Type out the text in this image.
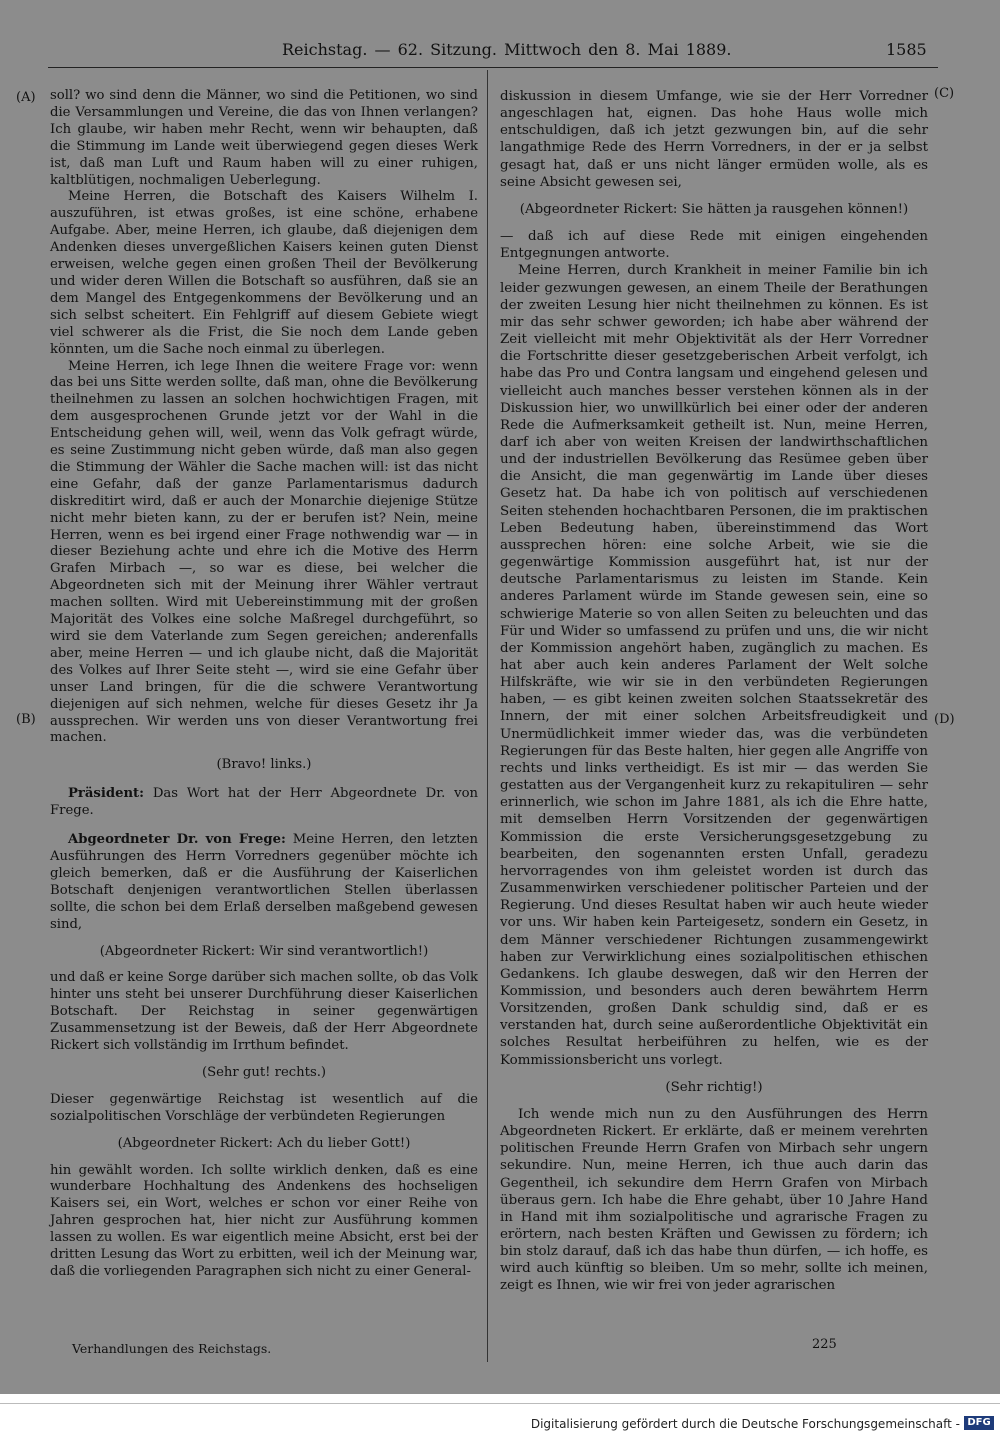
Reichstag. — 62. Sitzung. Mittwoch den 8. Mai 1889.	1585
(A)
(B)
(C)
(D)

soll? wo sind denn die Männer, wo sind die Petitionen, wo sind die Versammlungen und Vereine, die das von Ihnen verlangen? Ich glaube, wir haben mehr Recht, wenn wir behaupten, daß die Stimmung im Lande weit überwiegend gegen dieses Werk ist, daß man Luft und Raum haben will zu einer ruhigen, kaltblütigen, nochmaligen Ueberlegung.

Meine Herren, die Botschaft des Kaisers Wilhelm I. auszuführen, ist etwas großes, ist eine schöne, erhabene Aufgabe. Aber, meine Herren, ich glaube, daß diejenigen dem Andenken dieses unvergeßlichen Kaisers keinen guten Dienst erweisen, welche gegen einen großen Theil der Bevölkerung und wider deren Willen die Botschaft so ausführen, daß sie an dem Mangel des Entgegenkommens der Bevölkerung und an sich selbst scheitert. Ein Fehlgriff auf diesem Gebiete wiegt viel schwerer als die Frist, die Sie noch dem Lande geben könnten, um die Sache noch einmal zu überlegen.

Meine Herren, ich lege Ihnen die weitere Frage vor: wenn das bei uns Sitte werden sollte, daß man, ohne die Bevölkerung theilnehmen zu lassen an solchen hochwichtigen Fragen, mit dem ausgesprochenen Grunde jetzt vor der Wahl in die Entscheidung gehen will, weil, wenn das Volk gefragt würde, es seine Zustimmung nicht geben würde, daß man also gegen die Stimmung der Wähler die Sache machen will: ist das nicht eine Gefahr, daß der ganze Parlamentarismus dadurch diskreditirt wird, daß er auch der Monarchie diejenige Stütze nicht mehr bieten kann, zu der er berufen ist? Nein, meine Herren, wenn es bei irgend einer Frage nothwendig war — in dieser Beziehung achte und ehre ich die Motive des Herrn Grafen Mirbach —, so war es diese, bei welcher die Abgeordneten sich mit der Meinung ihrer Wähler vertraut machen sollten. Wird mit Uebereinstimmung mit der großen Majorität des Volkes eine solche Maßregel durchgeführt, so wird sie dem Vaterlande zum Segen gereichen; anderenfalls aber, meine Herren — und ich glaube nicht, daß die Majorität des Volkes auf Ihrer Seite steht —, wird sie eine Gefahr über unser Land bringen, für die die schwere Verantwortung diejenigen auf sich nehmen, welche für dieses Gesetz ihr Ja aussprechen. Wir werden uns von dieser Verantwortung frei machen.

(Bravo! links.)

Präsident: Das Wort hat der Herr Abgeordnete Dr. von Frege.

Abgeordneter Dr. von Frege: Meine Herren, den letzten Ausführungen des Herrn Vorredners gegenüber möchte ich gleich bemerken, daß er die Ausführung der Kaiserlichen Botschaft denjenigen verantwortlichen Stellen überlassen sollte, die schon bei dem Erlaß derselben maßgebend gewesen sind,

(Abgeordneter Rickert: Wir sind verantwortlich!)

und daß er keine Sorge darüber sich machen sollte, ob das Volk hinter uns steht bei unserer Durchführung dieser Kaiserlichen Botschaft. Der Reichstag in seiner gegenwärtigen Zusammensetzung ist der Beweis, daß der Herr Abgeordnete Rickert sich vollständig im Irrthum befindet.

(Sehr gut! rechts.)

Dieser gegenwärtige Reichstag ist wesentlich auf die sozialpolitischen Vorschläge der verbündeten Regierungen

(Abgeordneter Rickert: Ach du lieber Gott!)

hin gewählt worden. Ich sollte wirklich denken, daß es eine wunderbare Hochhaltung des Andenkens des hochseligen Kaisers sei, ein Wort, welches er schon vor einer Reihe von Jahren gesprochen hat, hier nicht zur Ausführung kommen lassen zu wollen. Es war eigentlich meine Absicht, erst bei der dritten Lesung das Wort zu erbitten, weil ich der Meinung war, daß die vorliegenden Paragraphen sich nicht zu einer General-

diskussion in diesem Umfange, wie sie der Herr Vorredner angeschlagen hat, eignen. Das hohe Haus wolle mich entschuldigen, daß ich jetzt gezwungen bin, auf die sehr langathmige Rede des Herrn Vorredners, in der er ja selbst gesagt hat, daß er uns nicht länger ermüden wolle, als es seine Absicht gewesen sei,

(Abgeordneter Rickert: Sie hätten ja rausgehen können!)

— daß ich auf diese Rede mit einigen eingehenden Entgegnungen antworte.

Meine Herren, durch Krankheit in meiner Familie bin ich leider gezwungen gewesen, an einem Theile der Berathungen der zweiten Lesung hier nicht theilnehmen zu können. Es ist mir das sehr schwer geworden; ich habe aber während der Zeit vielleicht mit mehr Objektivität als der Herr Vorredner die Fortschritte dieser gesetzgeberischen Arbeit verfolgt, ich habe das Pro und Contra langsam und eingehend gelesen und vielleicht auch manches besser verstehen können als in der Diskussion hier, wo unwillkürlich bei einer oder der anderen Rede die Aufmerksamkeit getheilt ist. Nun, meine Herren, darf ich aber von weiten Kreisen der landwirthschaftlichen und der industriellen Bevölkerung das Resümee geben über die Ansicht, die man gegenwärtig im Lande über dieses Gesetz hat. Da habe ich von politisch auf verschiedenen Seiten stehenden hochachtbaren Personen, die im praktischen Leben Bedeutung haben, übereinstimmend das Wort aussprechen hören: eine solche Arbeit, wie sie die gegenwärtige Kommission ausgeführt hat, ist nur der deutsche Parlamentarismus zu leisten im Stande. Kein anderes Parlament würde im Stande gewesen sein, eine so schwierige Materie so von allen Seiten zu beleuchten und das Für und Wider so umfassend zu prüfen und uns, die wir nicht der Kommission angehört haben, zugänglich zu machen. Es hat aber auch kein anderes Parlament der Welt solche Hilfskräfte, wie wir sie in den verbündeten Regierungen haben, — es gibt keinen zweiten solchen Staatssekretär des Innern, der mit einer solchen Arbeitsfreudigkeit und Unermüdlichkeit immer wieder das, was die verbündeten Regierungen für das Beste halten, hier gegen alle Angriffe von rechts und links vertheidigt. Es ist mir — das werden Sie gestatten aus der Vergangenheit kurz zu rekapituliren — sehr erinnerlich, wie schon im Jahre 1881, als ich die Ehre hatte, mit demselben Herrn Vorsitzenden der gegenwärtigen Kommission die erste Versicherungsgesetzgebung zu bearbeiten, den sogenannten ersten Unfall, geradezu hervorragendes von ihm geleistet worden ist durch das Zusammenwirken verschiedener politischer Parteien und der Regierung. Und dieses Resultat haben wir auch heute wieder vor uns. Wir haben kein Parteigesetz, sondern ein Gesetz, in dem Männer verschiedener Richtungen zusammengewirkt haben zur Verwirklichung eines sozialpolitischen ethischen Gedankens. Ich glaube deswegen, daß wir den Herren der Kommission, und besonders auch deren bewährtem Herrn Vorsitzenden, großen Dank schuldig sind, daß er es verstanden hat, durch seine außerordentliche Objektivität ein solches Resultat herbeiführen zu helfen, wie es der Kommissionsbericht uns vorlegt.

(Sehr richtig!)

Ich wende mich nun zu den Ausführungen des Herrn Abgeordneten Rickert. Er erklärte, daß er meinem verehrten politischen Freunde Herrn Grafen von Mirbach sehr ungern sekundire. Nun, meine Herren, ich thue auch darin das Gegentheil, ich sekundire dem Herrn Grafen von Mirbach überaus gern. Ich habe die Ehre gehabt, über 10 Jahre Hand in Hand mit ihm sozialpolitische und agrarische Fragen zu erörtern, nach besten Kräften und Gewissen zu fördern; ich bin stolz darauf, daß ich das habe thun dürfen, — ich hoffe, es wird auch künftig so bleiben. Um so mehr, sollte ich meinen, zeigt es Ihnen, wie wir frei von jeder agrarischen

Verhandlungen des Reichstags.	225
Digitalisierung gefördert durch die Deutsche Forschungsgemeinschaft - DFG
